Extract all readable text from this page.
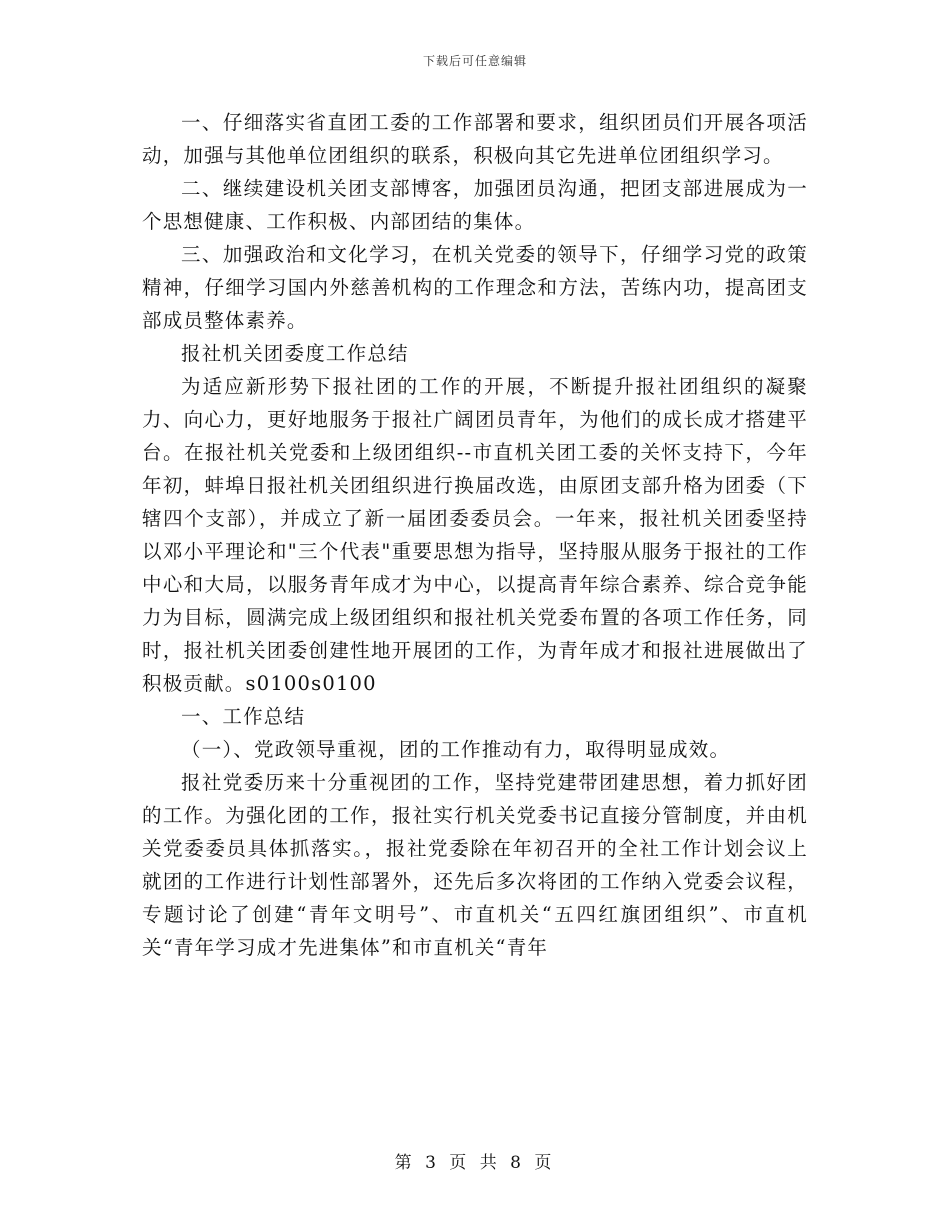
下载后可任意编辑

一、仔细落实省直团工委的工作部署和要求，组织团员们开展各项活动，加强与其他单位团组织的联系，积极向其它先进单位团组织学习。

二、继续建设机关团支部博客，加强团员沟通，把团支部进展成为一个思想健康、工作积极、内部团结的集体。

三、加强政治和文化学习，在机关党委的领导下，仔细学习党的政策精神，仔细学习国内外慈善机构的工作理念和方法，苦练内功，提高团支部成员整体素养。

报社机关团委度工作总结

为适应新形势下报社团的工作的开展，不断提升报社团组织的凝聚力、向心力，更好地服务于报社广阔团员青年，为他们的成长成才搭建平台。在报社机关党委和上级团组织--市直机关团工委的关怀支持下，今年年初，蚌埠日报社机关团组织进行换届改选，由原团支部升格为团委（下辖四个支部），并成立了新一届团委委员会。一年来，报社机关团委坚持以邓小平理论和"三个代表"重要思想为指导，坚持服从服务于报社的工作中心和大局，以服务青年成才为中心，以提高青年综合素养、综合竞争能力为目标，圆满完成上级团组织和报社机关党委布置的各项工作任务，同时，报社机关团委创建性地开展团的工作，为青年成才和报社进展做出了积极贡献。s0100s0100

一、工作总结

（一）、党政领导重视，团的工作推动有力，取得明显成效。

报社党委历来十分重视团的工作，坚持党建带团建思想，着力抓好团的工作。为强化团的工作，报社实行机关党委书记直接分管制度，并由机关党委委员具体抓落实。，报社党委除在年初召开的全社工作计划会议上就团的工作进行计划性部署外，还先后多次将团的工作纳入党委会议程，专题讨论了创建“青年文明号”、市直机关“五四红旗团组织”、市直机关“青年学习成才先进集体”和市直机关“青年

第 3 页 共 8 页
